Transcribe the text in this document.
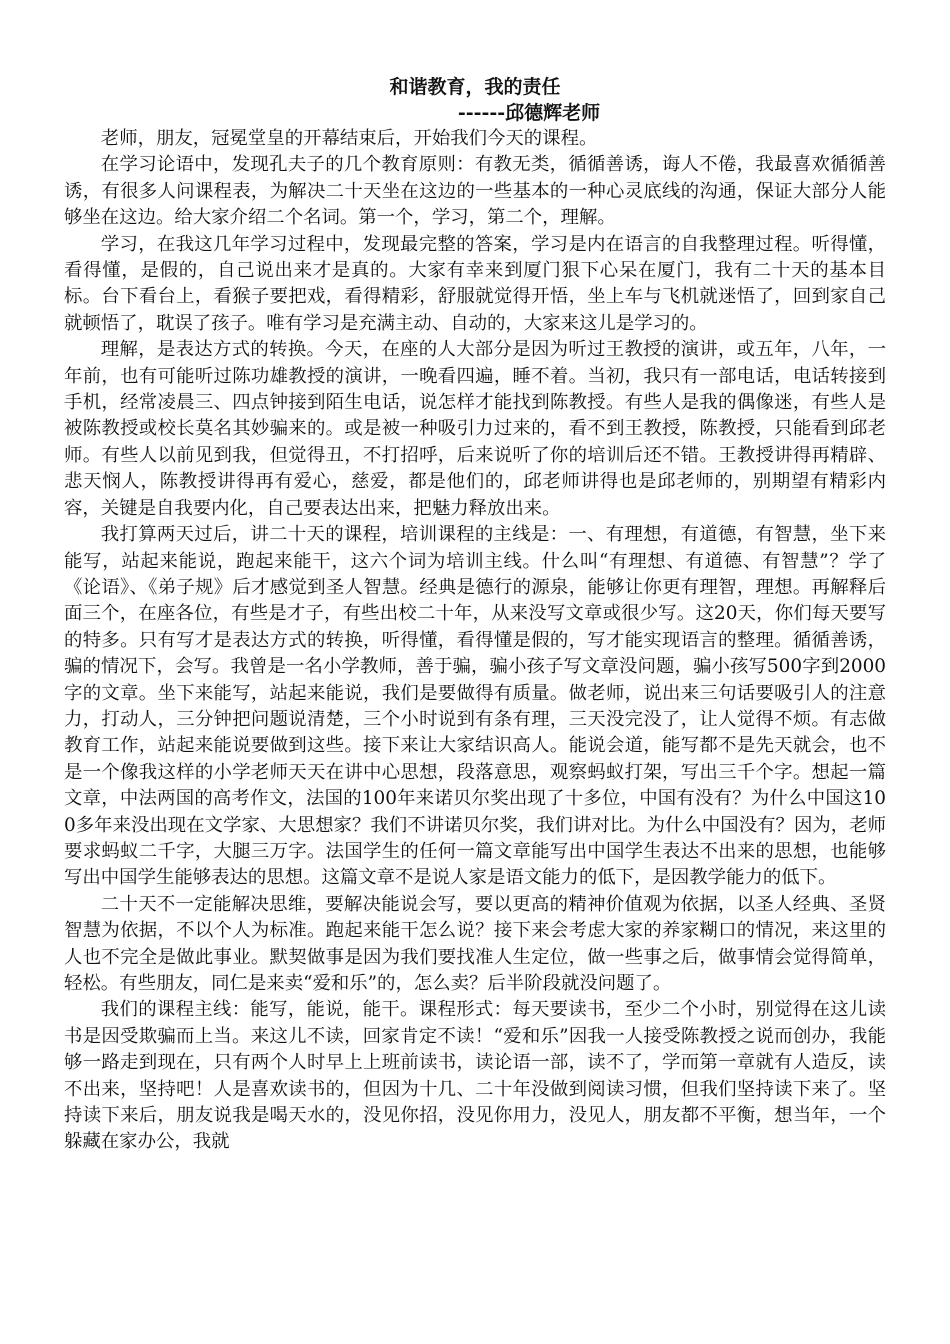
和谐教育，我的责任

------邱德辉老师

老师，朋友，冠冕堂皇的开幕结束后，开始我们今天的课程。

在学习论语中，发现孔夫子的几个教育原则：有教无类，循循善诱，诲人不倦，我最喜欢循循善诱，有很多人问课程表，为解决二十天坐在这边的一些基本的一种心灵底线的沟通，保证大部分人能够坐在这边。给大家介绍二个名词。第一个，学习，第二个，理解。

学习，在我这几年学习过程中，发现最完整的答案，学习是内在语言的自我整理过程。听得懂，看得懂，是假的，自己说出来才是真的。大家有幸来到厦门狠下心呆在厦门，我有二十天的基本目标。台下看台上，看猴子要把戏，看得精彩，舒服就觉得开悟，坐上车与飞机就迷悟了，回到家自己就顿悟了，耽误了孩子。唯有学习是充满主动、自动的，大家来这儿是学习的。

理解，是表达方式的转换。今天，在座的人大部分是因为听过王教授的演讲，或五年，八年，一年前，也有可能听过陈功雄教授的演讲，一晚看四遍，睡不着。当初，我只有一部电话，电话转接到手机，经常凌晨三、四点钟接到陌生电话，说怎样才能找到陈教授。有些人是我的偶像迷，有些人是被陈教授或校长莫名其妙骗来的。或是被一种吸引力过来的，看不到王教授，陈教授，只能看到邱老师。有些人以前见到我，但觉得丑，不打招呼，后来说听了你的培训后还不错。王教授讲得再精辟、悲天悯人，陈教授讲得再有爱心，慈爱，都是他们的，邱老师讲得也是邱老师的，别期望有精彩内容，关键是自我要内化，自己要表达出来，把魅力释放出来。

我打算两天过后，讲二十天的课程，培训课程的主线是：一、有理想，有道德，有智慧，坐下来能写，站起来能说，跑起来能干，这六个词为培训主线。什么叫“有理想、有道德、有智慧”？学了《论语》、《弟子规》后才感觉到圣人智慧。经典是德行的源泉，能够让你更有理智，理想。再解释后面三个，在座各位，有些是才子，有些出校二十年，从来没写文章或很少写。这20天，你们每天要写的特多。只有写才是表达方式的转换，听得懂，看得懂是假的，写才能实现语言的整理。循循善诱，骗的情况下，会写。我曾是一名小学教师，善于骗，骗小孩子写文章没问题，骗小孩写500字到2000字的文章。坐下来能写，站起来能说，我们是要做得有质量。做老师，说出来三句话要吸引人的注意力，打动人，三分钟把问题说清楚，三个小时说到有条有理，三天没完没了，让人觉得不烦。有志做教育工作，站起来能说要做到这些。接下来让大家结识高人。能说会道，能写都不是先天就会，也不是一个像我这样的小学老师天天在讲中心思想，段落意思，观察蚂蚁打架，写出三千个字。想起一篇文章，中法两国的高考作文，法国的100年来诺贝尔奖出现了十多位，中国有没有？为什么中国这100多年来没出现在文学家、大思想家？我们不讲诺贝尔奖，我们讲对比。为什么中国没有？因为，老师要求蚂蚁二千字，大腿三万字。法国学生的任何一篇文章能写出中国学生表达不出来的思想，也能够写出中国学生能够表达的思想。这篇文章不是说人家是语文能力的低下，是因教学能力的低下。

二十天不一定能解决思维，要解决能说会写，要以更高的精神价值观为依据，以圣人经典、圣贤智慧为依据，不以个人为标准。跑起来能干怎么说？接下来会考虑大家的养家糊口的情况，来这里的人也不完全是做此事业。默契做事是因为我们要找准人生定位，做一些事之后，做事情会觉得简单，轻松。有些朋友，同仁是来卖“爱和乐”的，怎么卖？后半阶段就没问题了。

我们的课程主线：能写，能说，能干。课程形式：每天要读书，至少二个小时，别觉得在这儿读书是因受欺骗而上当。来这儿不读，回家肯定不读！“爱和乐”因我一人接受陈教授之说而创办，我能够一路走到现在，只有两个人时早上上班前读书，读论语一部，读不了，学而第一章就有人造反，读不出来，坚持吧！人是喜欢读书的，但因为十几、二十年没做到阅读习惯，但我们坚持读下来了。坚持读下来后，朋友说我是喝天水的，没见你招，没见你用力，没见人，朋友都不平衡，想当年，一个躲藏在家办公，我就
